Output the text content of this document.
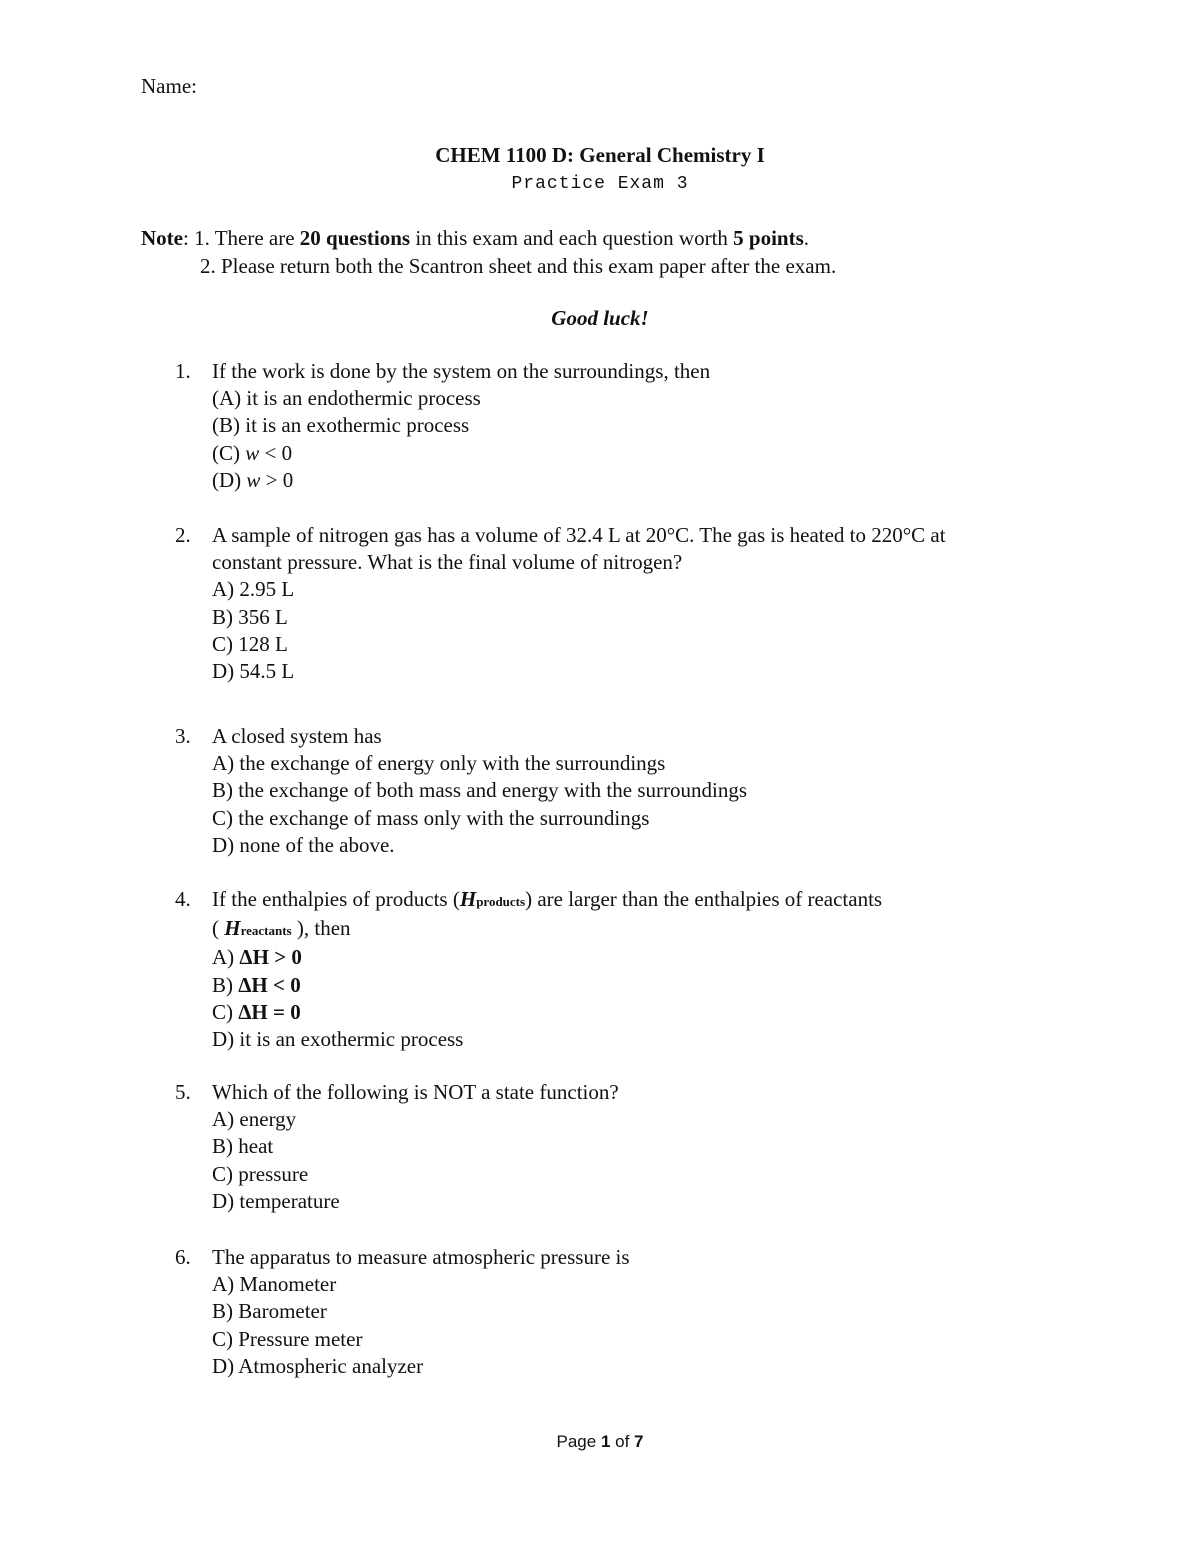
Name:
CHEM 1100 D: General Chemistry I
Practice Exam 3
Note: 1. There are 20 questions in this exam and each question worth 5 points.
2. Please return both the Scantron sheet and this exam paper after the exam.
Good luck!
1. If the work is done by the system on the surroundings, then
(A) it is an endothermic process
(B) it is an exothermic process
(C) w < 0
(D) w > 0
2. A sample of nitrogen gas has a volume of 32.4 L at 20°C. The gas is heated to 220°C at
constant pressure. What is the final volume of nitrogen?
A) 2.95 L
B) 356 L
C) 128 L
D) 54.5 L
3. A closed system has
A) the exchange of energy only with the surroundings
B) the exchange of both mass and energy with the surroundings
C) the exchange of mass only with the surroundings
D) none of the above.
4. If the enthalpies of products (Hproducts) are larger than the enthalpies of reactants
( Hreactants ), then
A) ΔH > 0
B) ΔH < 0
C) ΔH = 0
D) it is an exothermic process
5. Which of the following is NOT a state function?
A) energy
B) heat
C) pressure
D) temperature
6. The apparatus to measure atmospheric pressure is
A) Manometer
B) Barometer
C) Pressure meter
D) Atmospheric analyzer
Page 1 of 7
